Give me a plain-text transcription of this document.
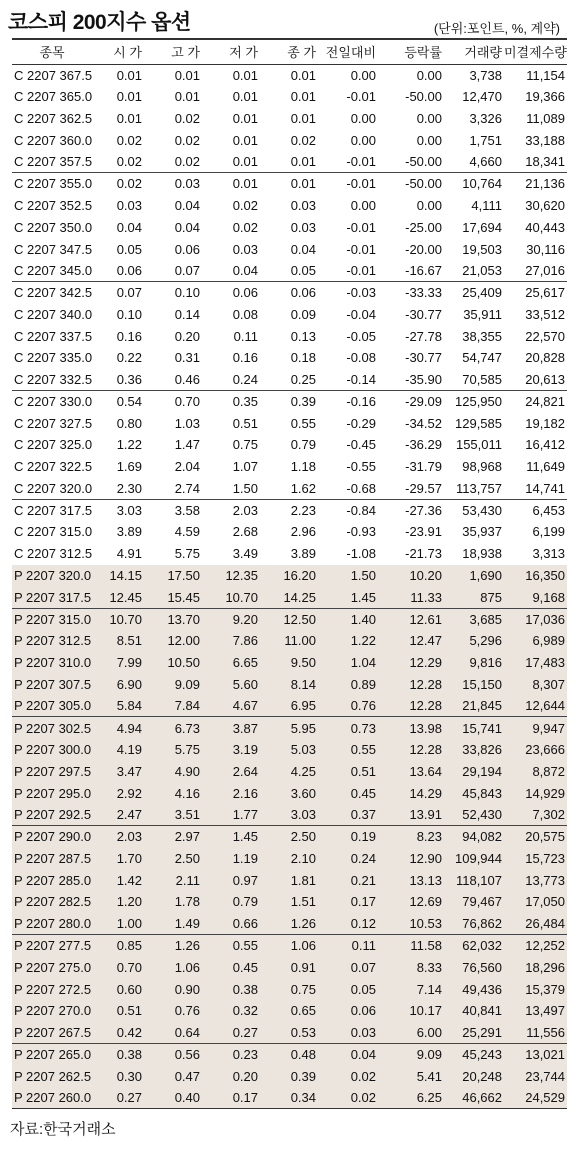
코스피 200지수 옵션	(단위:포인트, %, 계약)
종목	시 가	고 가	저 가	종 가	전일대비	등락률	거래량	미결제수량
C 2207 367.5	0.01	0.01	0.01	0.01	0.00	0.00	3,738	11,154
C 2207 365.0	0.01	0.01	0.01	0.01	-0.01	-50.00	12,470	19,366
C 2207 362.5	0.01	0.02	0.01	0.01	0.00	0.00	3,326	11,089
C 2207 360.0	0.02	0.02	0.01	0.02	0.00	0.00	1,751	33,188
C 2207 357.5	0.02	0.02	0.01	0.01	-0.01	-50.00	4,660	18,341
C 2207 355.0	0.02	0.03	0.01	0.01	-0.01	-50.00	10,764	21,136
C 2207 352.5	0.03	0.04	0.02	0.03	0.00	0.00	4,111	30,620
C 2207 350.0	0.04	0.04	0.02	0.03	-0.01	-25.00	17,694	40,443
C 2207 347.5	0.05	0.06	0.03	0.04	-0.01	-20.00	19,503	30,116
C 2207 345.0	0.06	0.07	0.04	0.05	-0.01	-16.67	21,053	27,016
C 2207 342.5	0.07	0.10	0.06	0.06	-0.03	-33.33	25,409	25,617
C 2207 340.0	0.10	0.14	0.08	0.09	-0.04	-30.77	35,911	33,512
C 2207 337.5	0.16	0.20	0.11	0.13	-0.05	-27.78	38,355	22,570
C 2207 335.0	0.22	0.31	0.16	0.18	-0.08	-30.77	54,747	20,828
C 2207 332.5	0.36	0.46	0.24	0.25	-0.14	-35.90	70,585	20,613
C 2207 330.0	0.54	0.70	0.35	0.39	-0.16	-29.09	125,950	24,821
C 2207 327.5	0.80	1.03	0.51	0.55	-0.29	-34.52	129,585	19,182
C 2207 325.0	1.22	1.47	0.75	0.79	-0.45	-36.29	155,011	16,412
C 2207 322.5	1.69	2.04	1.07	1.18	-0.55	-31.79	98,968	11,649
C 2207 320.0	2.30	2.74	1.50	1.62	-0.68	-29.57	113,757	14,741
C 2207 317.5	3.03	3.58	2.03	2.23	-0.84	-27.36	53,430	6,453
C 2207 315.0	3.89	4.59	2.68	2.96	-0.93	-23.91	35,937	6,199
C 2207 312.5	4.91	5.75	3.49	3.89	-1.08	-21.73	18,938	3,313
P 2207 320.0	14.15	17.50	12.35	16.20	1.50	10.20	1,690	16,350
P 2207 317.5	12.45	15.45	10.70	14.25	1.45	11.33	875	9,168
P 2207 315.0	10.70	13.70	9.20	12.50	1.40	12.61	3,685	17,036
P 2207 312.5	8.51	12.00	7.86	11.00	1.22	12.47	5,296	6,989
P 2207 310.0	7.99	10.50	6.65	9.50	1.04	12.29	9,816	17,483
P 2207 307.5	6.90	9.09	5.60	8.14	0.89	12.28	15,150	8,307
P 2207 305.0	5.84	7.84	4.67	6.95	0.76	12.28	21,845	12,644
P 2207 302.5	4.94	6.73	3.87	5.95	0.73	13.98	15,741	9,947
P 2207 300.0	4.19	5.75	3.19	5.03	0.55	12.28	33,826	23,666
P 2207 297.5	3.47	4.90	2.64	4.25	0.51	13.64	29,194	8,872
P 2207 295.0	2.92	4.16	2.16	3.60	0.45	14.29	45,843	14,929
P 2207 292.5	2.47	3.51	1.77	3.03	0.37	13.91	52,430	7,302
P 2207 290.0	2.03	2.97	1.45	2.50	0.19	8.23	94,082	20,575
P 2207 287.5	1.70	2.50	1.19	2.10	0.24	12.90	109,944	15,723
P 2207 285.0	1.42	2.11	0.97	1.81	0.21	13.13	118,107	13,773
P 2207 282.5	1.20	1.78	0.79	1.51	0.17	12.69	79,467	17,050
P 2207 280.0	1.00	1.49	0.66	1.26	0.12	10.53	76,862	26,484
P 2207 277.5	0.85	1.26	0.55	1.06	0.11	11.58	62,032	12,252
P 2207 275.0	0.70	1.06	0.45	0.91	0.07	8.33	76,560	18,296
P 2207 272.5	0.60	0.90	0.38	0.75	0.05	7.14	49,436	15,379
P 2207 270.0	0.51	0.76	0.32	0.65	0.06	10.17	40,841	13,497
P 2207 267.5	0.42	0.64	0.27	0.53	0.03	6.00	25,291	11,556
P 2207 265.0	0.38	0.56	0.23	0.48	0.04	9.09	45,243	13,021
P 2207 262.5	0.30	0.47	0.20	0.39	0.02	5.41	20,248	23,744
P 2207 260.0	0.27	0.40	0.17	0.34	0.02	6.25	46,662	24,529
자료:한국거래소
